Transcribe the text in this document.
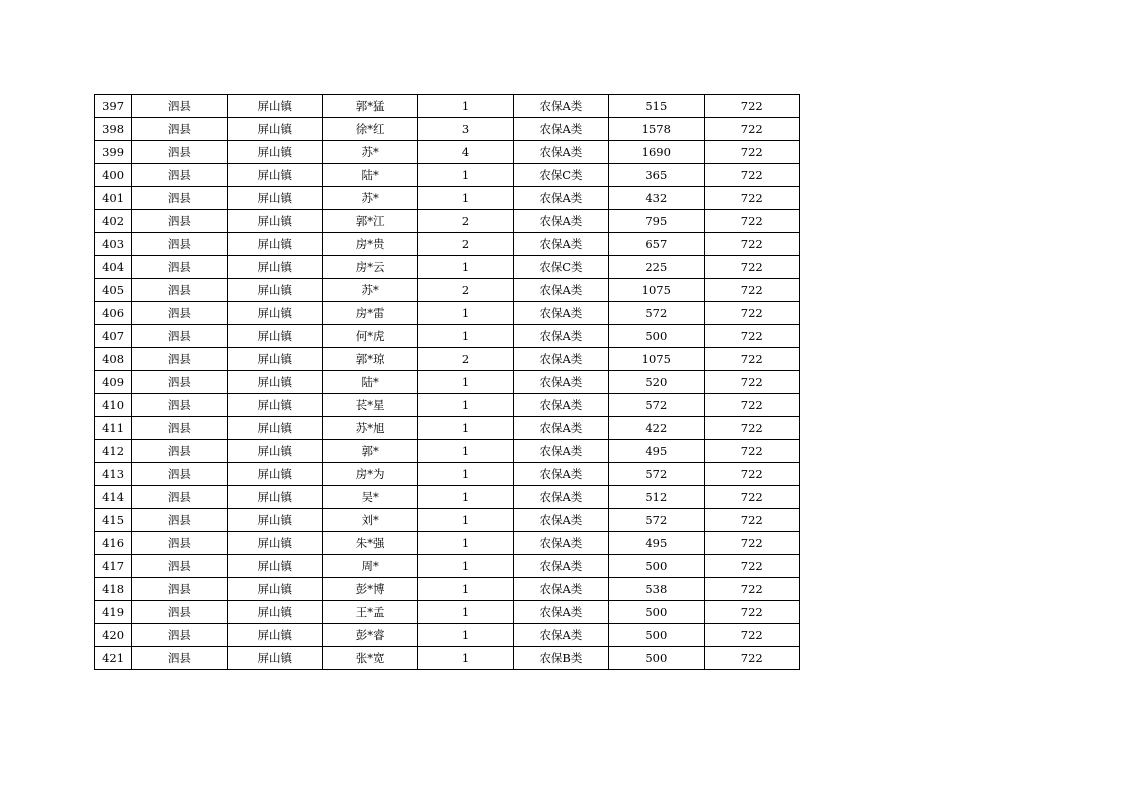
397	泗县	屏山镇	郭*猛	1	农保A类	515	722
398	泗县	屏山镇	徐*红	3	农保A类	1578	722
399	泗县	屏山镇	苏*	4	农保A类	1690	722
400	泗县	屏山镇	陆*	1	农保C类	365	722
401	泗县	屏山镇	苏*	1	农保A类	432	722
402	泗县	屏山镇	郭*江	2	农保A类	795	722
403	泗县	屏山镇	房*贵	2	农保A类	657	722
404	泗县	屏山镇	房*云	1	农保C类	225	722
405	泗县	屏山镇	苏*	2	农保A类	1075	722
406	泗县	屏山镇	房*雷	1	农保A类	572	722
407	泗县	屏山镇	何*虎	1	农保A类	500	722
408	泗县	屏山镇	郭*琼	2	农保A类	1075	722
409	泗县	屏山镇	陆*	1	农保A类	520	722
410	泗县	屏山镇	苌*星	1	农保A类	572	722
411	泗县	屏山镇	苏*旭	1	农保A类	422	722
412	泗县	屏山镇	郭*	1	农保A类	495	722
413	泗县	屏山镇	房*为	1	农保A类	572	722
414	泗县	屏山镇	吴*	1	农保A类	512	722
415	泗县	屏山镇	刘*	1	农保A类	572	722
416	泗县	屏山镇	朱*强	1	农保A类	495	722
417	泗县	屏山镇	周*	1	农保A类	500	722
418	泗县	屏山镇	彭*博	1	农保A类	538	722
419	泗县	屏山镇	王*孟	1	农保A类	500	722
420	泗县	屏山镇	彭*睿	1	农保A类	500	722
421	泗县	屏山镇	张*宽	1	农保B类	500	722
